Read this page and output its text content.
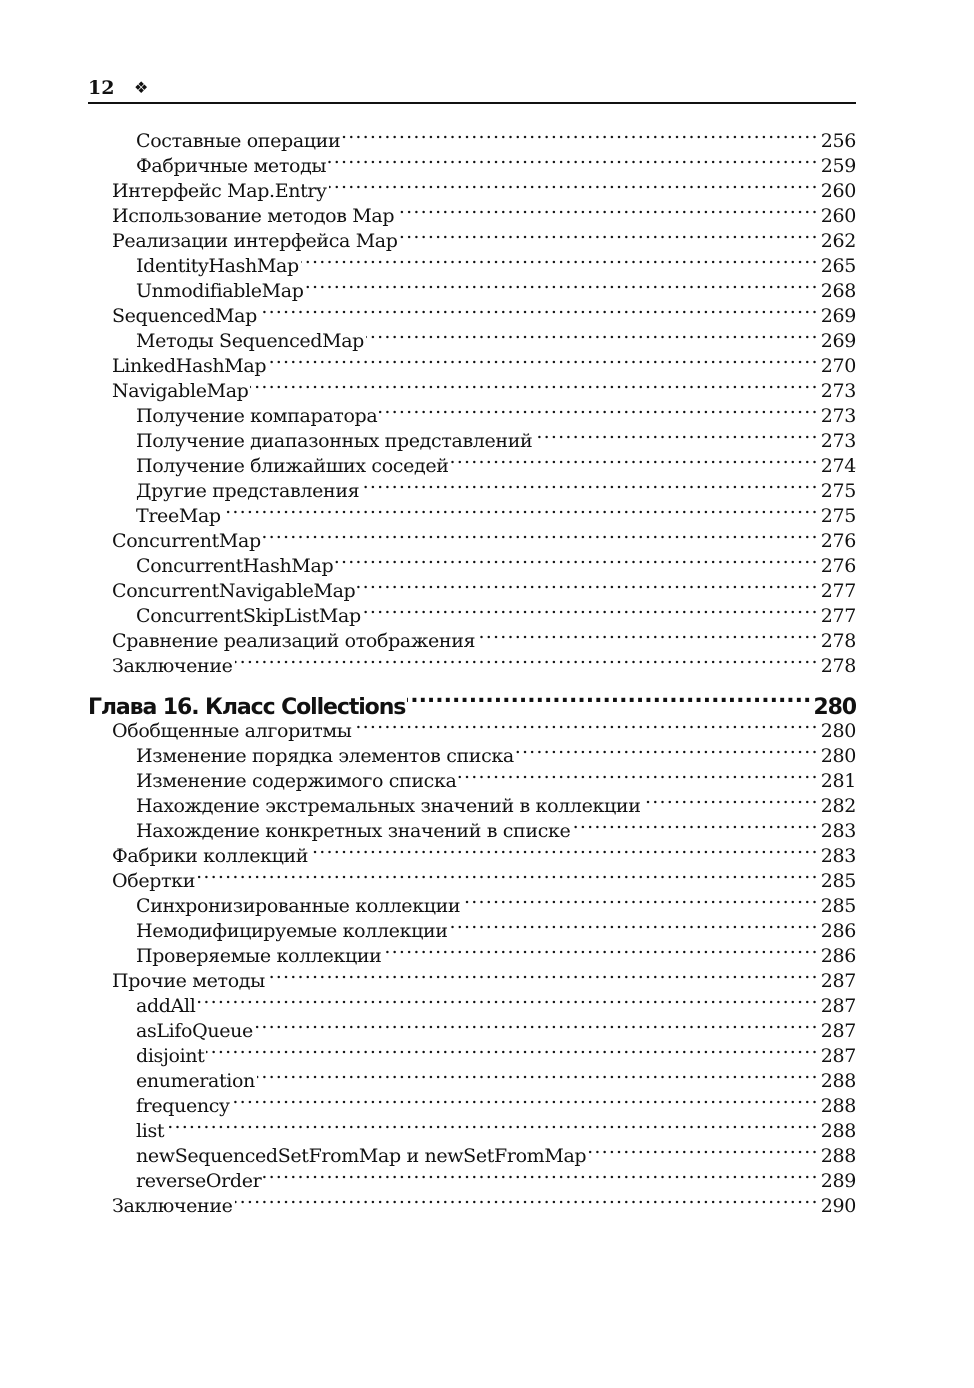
12 ❖
Составные операции .....	256
Фабричные методы .....	259
Интерфейс Map.Entry .....	260
Использование методов Map .....	260
Реализации интерфейса Map .....	262
IdentityHashMap .....	265
UnmodifiableMap .....	268
SequencedMap .....	269
Методы SequencedMap .....	269
LinkedHashMap .....	270
NavigableMap .....	273
Получение компаратора .....	273
Получение диапазонных представлений .....	273
Получение ближайших соседей .....	274
Другие представления .....	275
TreeMap .....	275
ConcurrentMap .....	276
ConcurrentHashMap .....	276
ConcurrentNavigableMap .....	277
ConcurrentSkipListMap .....	277
Сравнение реализаций отображения .....	278
Заключение .....	278
Глава 16. Класс Collections .....	280
Обобщенные алгоритмы .....	280
Изменение порядка элементов списка .....	280
Изменение содержимого списка .....	281
Нахождение экстремальных значений в коллекции .....	282
Нахождение конкретных значений в списке .....	283
Фабрики коллекций .....	283
Обертки .....	285
Синхронизированные коллекции .....	285
Немодифицируемые коллекции .....	286
Проверяемые коллекции .....	286
Прочие методы .....	287
addAll .....	287
asLifoQueue .....	287
disjoint .....	287
enumeration .....	288
frequency .....	288
list .....	288
newSequencedSetFromMap и newSetFromMap .....	288
reverseOrder .....	289
Заключение .....	290
